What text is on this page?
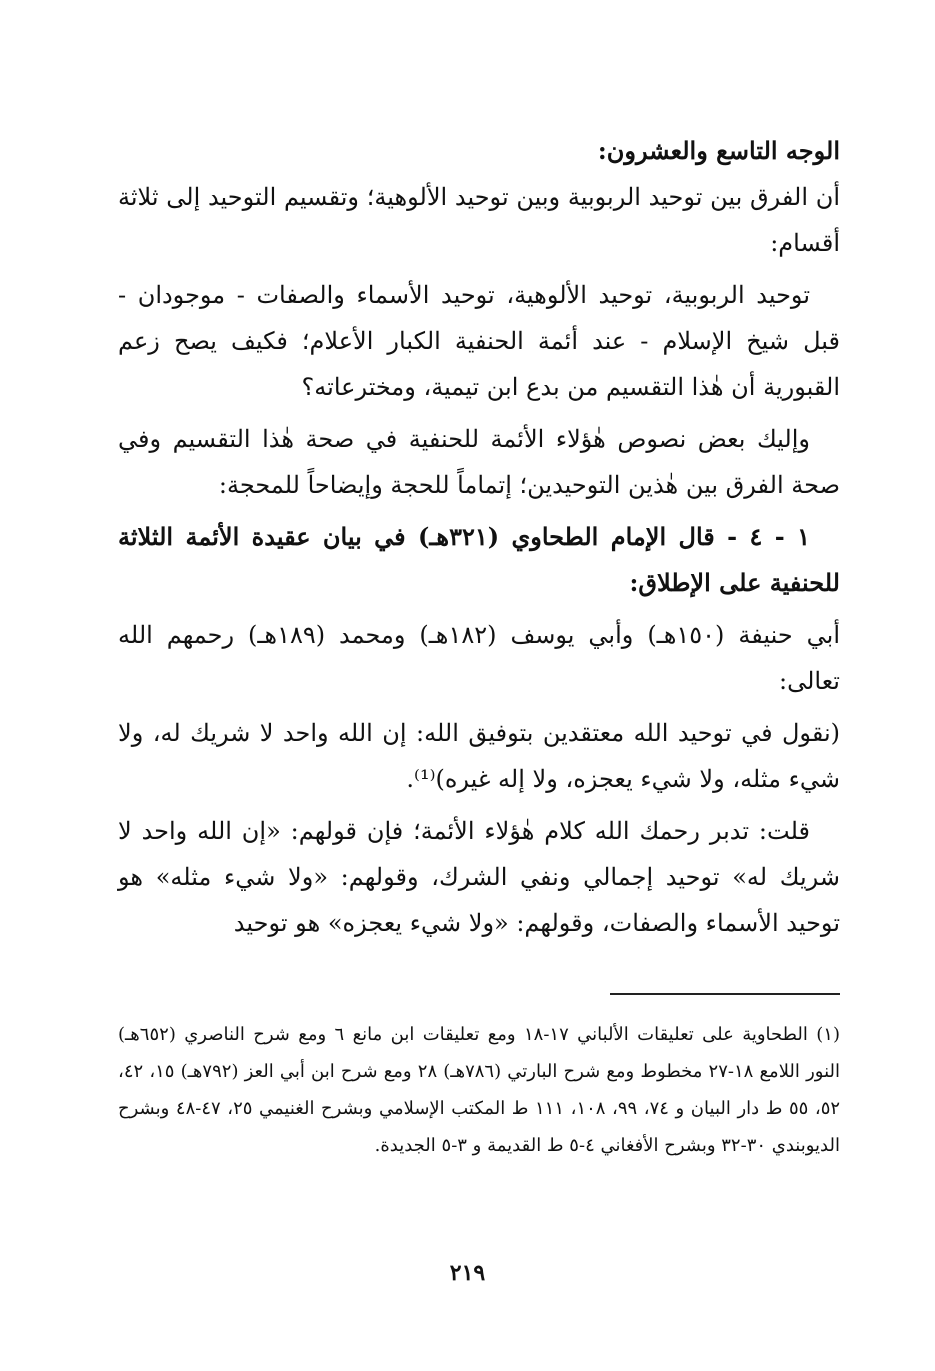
الوجه التاسع والعشرون:

أن الفرق بين توحيد الربوبية وبين توحيد الألوهية؛ وتقسيم التوحيد إلى ثلاثة أقسام:

توحيد الربوبية، توحيد الألوهية، توحيد الأسماء والصفات - موجودان - قبل شيخ الإسلام - عند أئمة الحنفية الكبار الأعلام؛ فكيف يصح زعم القبورية أن هٰذا التقسيم من بدع ابن تيمية، ومخترعاته؟

وإليك بعض نصوص هٰؤلاء الأئمة للحنفية في صحة هٰذا التقسيم وفي صحة الفرق بين هٰذين التوحيدين؛ إتماماً للحجة وإيضاحاً للمحجة:

١ - ٤ - قال الإمام الطحاوي (٣٢١هـ) في بيان عقيدة الأئمة الثلاثة للحنفية على الإطلاق:

أبي حنيفة (١٥٠هـ) وأبي يوسف (١٨٢هـ) ومحمد (١٨٩هـ) رحمهم الله تعالى:

(نقول في توحيد الله معتقدين بتوفيق الله: إن الله واحد لا شريك له، ولا شيء مثله، ولا شيء يعجزه، ولا إله غيره)⁽¹⁾.

قلت: تدبر رحمك الله كلام هٰؤلاء الأئمة؛ فإن قولهم: «إن الله واحد لا شريك له» توحيد إجمالي ونفي الشرك، وقولهم: «ولا شيء مثله» هو توحيد الأسماء والصفات، وقولهم: «ولا شيء يعجزه» هو توحيد

(١) الطحاوية على تعليقات الألباني ١٧-١٨ ومع تعليقات ابن مانع ٦ ومع شرح الناصري (٦٥٢هـ) النور اللامع ١٨-٢٧ مخطوط ومع شرح البارتي (٧٨٦هـ) ٢٨ ومع شرح ابن أبي العز (٧٩٢هـ) ١٥، ٤٢، ٥٢، ٥٥ ط دار البيان و ٧٤، ٩٩، ١٠٨، ١١١ ط المكتب الإسلامي وبشرح الغنيمي ٢٥، ٤٧-٤٨ وبشرح الديوبندي ٣٠-٣٢ وبشرح الأفغاني ٤-٥ ط القديمة و ٣-٥ الجديدة.
٢١٩
